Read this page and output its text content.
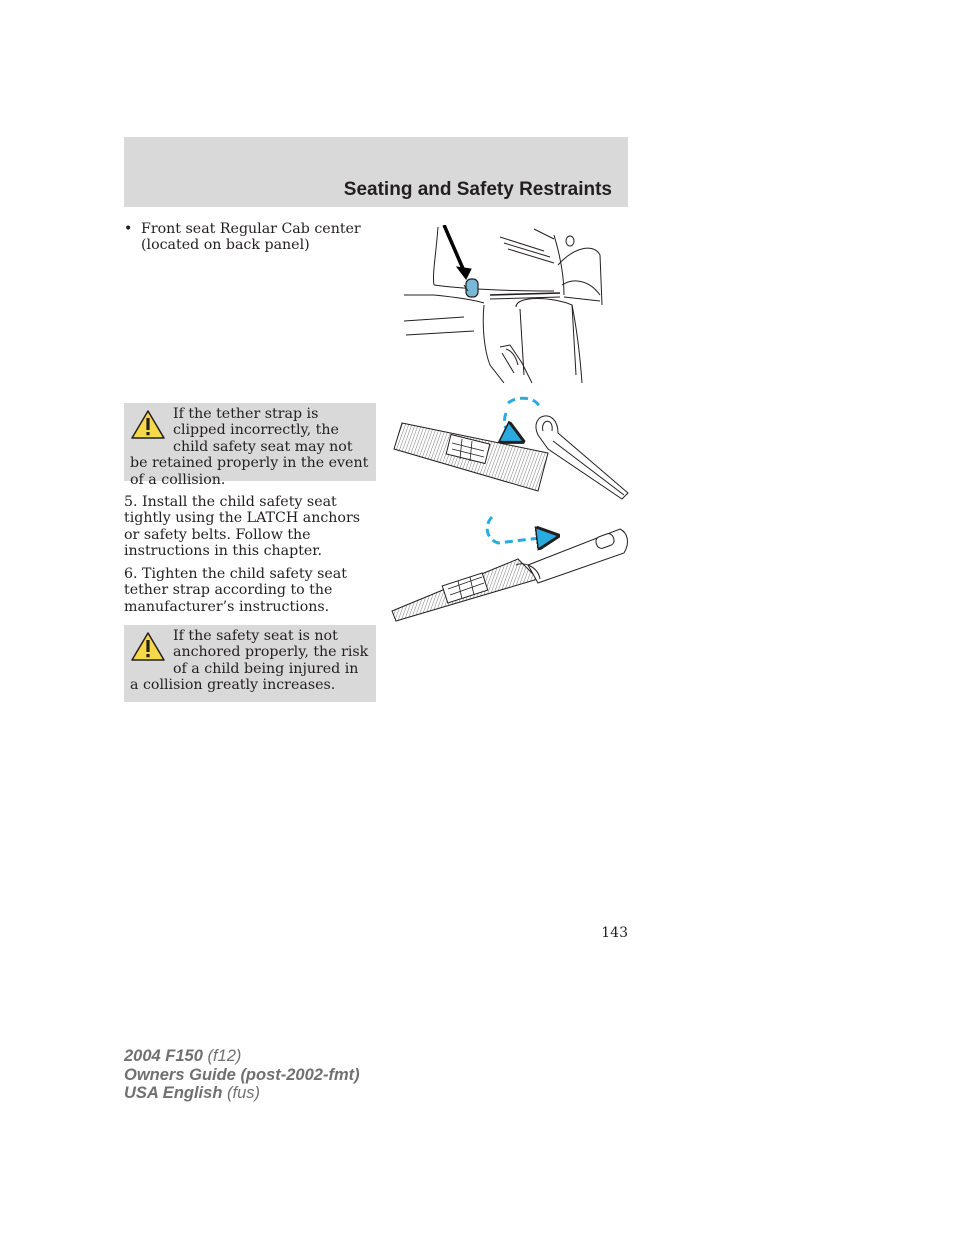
Seating and Safety Restraints
• Front seat Regular Cab center (located on back panel)
If the tether strap is clipped incorrectly, the child safety seat may not be retained properly in the event of a collision.

5. Install the child safety seat tightly using the LATCH anchors or safety belts. Follow the instructions in this chapter.

6. Tighten the child safety seat tether strap according to the manufacturer’s instructions.

If the safety seat is not anchored properly, the risk of a child being injured in a collision greatly increases.
143
2004 F150 (f12)
Owners Guide (post-2002-fmt)
USA English (fus)
